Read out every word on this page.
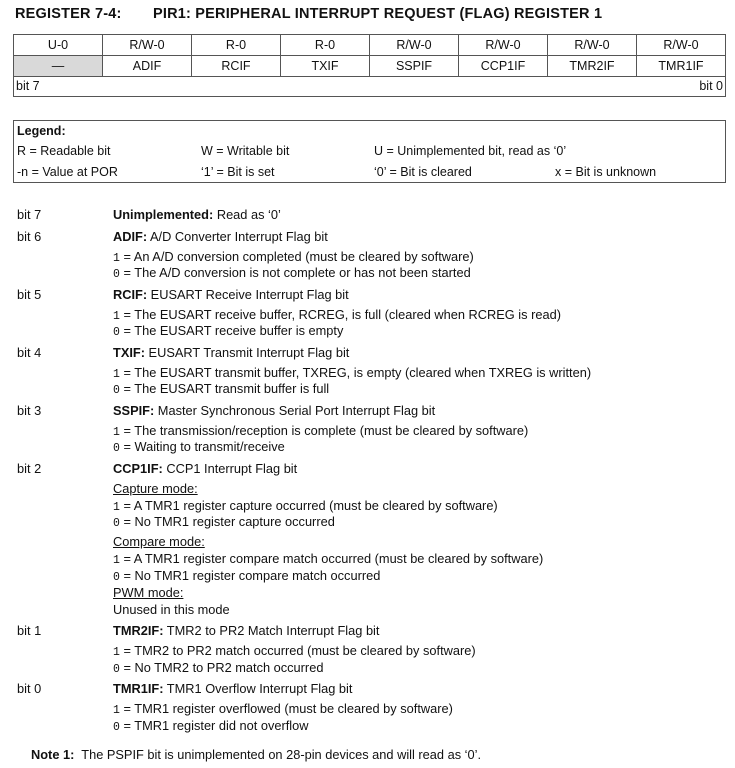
REGISTER 7-4: PIR1: PERIPHERAL INTERRUPT REQUEST (FLAG) REGISTER 1
U-0	R/W-0	R-0	R-0	R/W-0	R/W-0	R/W-0	R/W-0
—	ADIF	RCIF	TXIF	SSPIF	CCP1IF	TMR2IF	TMR1IF
bit 7	bit 0
Legend:
R = Readable bit	W = Writable bit	U = Unimplemented bit, read as ‘0’
-n = Value at POR	‘1’ = Bit is set	‘0’ = Bit is cleared	x = Bit is unknown
bit 7	Unimplemented: Read as ‘0’
bit 6	ADIF: A/D Converter Interrupt Flag bit
1 = An A/D conversion completed (must be cleared by software)
0 = The A/D conversion is not complete or has not been started
bit 5	RCIF: EUSART Receive Interrupt Flag bit
1 = The EUSART receive buffer, RCREG, is full (cleared when RCREG is read)
0 = The EUSART receive buffer is empty
bit 4	TXIF: EUSART Transmit Interrupt Flag bit
1 = The EUSART transmit buffer, TXREG, is empty (cleared when TXREG is written)
0 = The EUSART transmit buffer is full
bit 3	SSPIF: Master Synchronous Serial Port Interrupt Flag bit
1 = The transmission/reception is complete (must be cleared by software)
0 = Waiting to transmit/receive
bit 2	CCP1IF: CCP1 Interrupt Flag bit
Capture mode:
1 = A TMR1 register capture occurred (must be cleared by software)
0 = No TMR1 register capture occurred
Compare mode:
1 = A TMR1 register compare match occurred (must be cleared by software)
0 = No TMR1 register compare match occurred
PWM mode:
Unused in this mode
bit 1	TMR2IF: TMR2 to PR2 Match Interrupt Flag bit
1 = TMR2 to PR2 match occurred (must be cleared by software)
0 = No TMR2 to PR2 match occurred
bit 0	TMR1IF: TMR1 Overflow Interrupt Flag bit
1 = TMR1 register overflowed (must be cleared by software)
0 = TMR1 register did not overflow
Note 1:  The PSPIF bit is unimplemented on 28-pin devices and will read as ‘0’.
